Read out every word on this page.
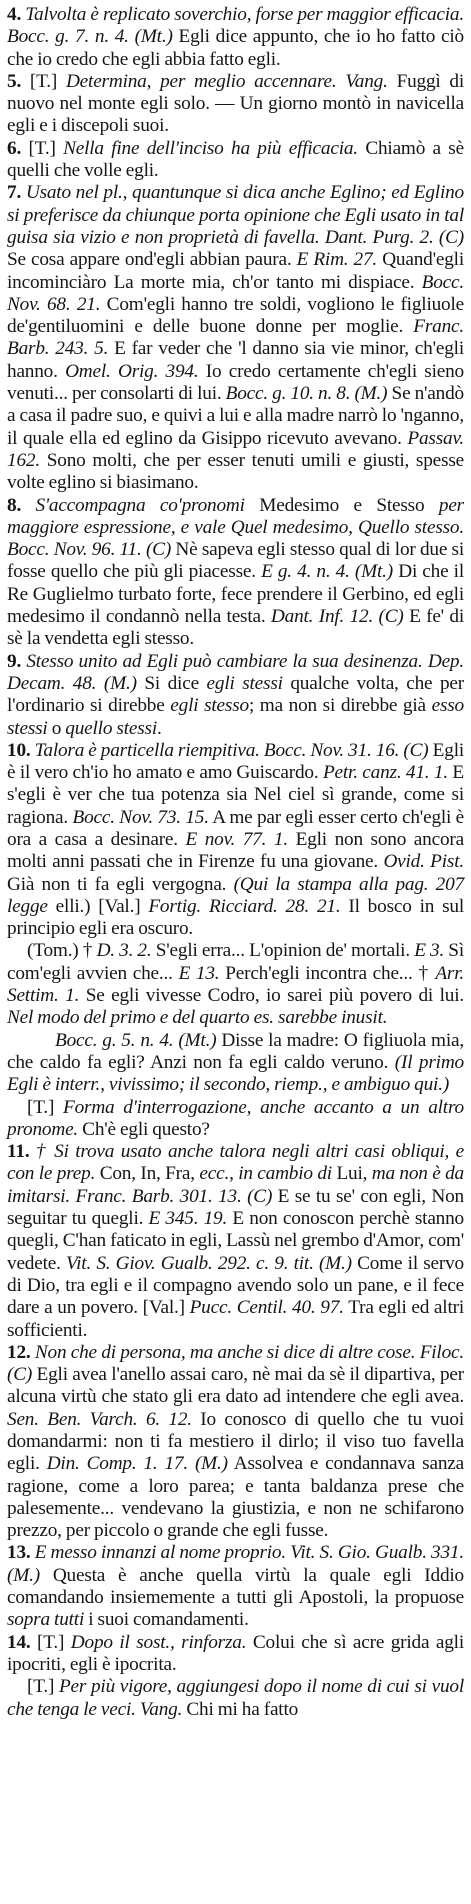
4. Talvolta è replicato soverchio, forse per maggior efficacia. Bocc. g. 7. n. 4. (Mt.) Egli dice appunto, che io ho fatto ciò che io credo che egli abbia fatto egli.

5. [T.] Determina, per meglio accennare. Vang. Fuggì di nuovo nel monte egli solo. — Un giorno montò in navicella egli e i discepoli suoi.

6. [T.] Nella fine dell'inciso ha più efficacia. Chiamò a sè quelli che volle egli.

7. Usato nel pl., quantunque si dica anche Eglino; ed Eglino si preferisce da chiunque porta opinione che Egli usato in tal guisa sia vizio e non proprietà di favella. Dant. Purg. 2. (C) Se cosa appare ond'egli abbian paura. E Rim. 27. Quand'egli incominciàro La morte mia, ch'or tanto mi dispiace. Bocc. Nov. 68. 21. Com'egli hanno tre soldi, vogliono le figliuole de'gentiluomini e delle buone donne per moglie. Franc. Barb. 243. 5. E far veder che 'l danno sia vie minor, ch'egli hanno. Omel. Orig. 394. Io credo certamente ch'egli sieno venuti... per consolarti di lui. Bocc. g. 10. n. 8. (M.) Se n'andò a casa il padre suo, e quivi a lui e alla madre narrò lo 'nganno, il quale ella ed eglino da Gisippo ricevuto avevano. Passav. 162. Sono molti, che per esser tenuti umili e giusti, spesse volte eglino si biasimano.

8. S'accompagna co'pronomi Medesimo e Stesso per maggiore espressione, e vale Quel medesimo, Quello stesso. Bocc. Nov. 96. 11. (C) Nè sapeva egli stesso qual di lor due si fosse quello che più gli piacesse. E g. 4. n. 4. (Mt.) Di che il Re Guglielmo turbato forte, fece prendere il Gerbino, ed egli medesimo il condannò nella testa. Dant. Inf. 12. (C) E fe' di sè la vendetta egli stesso.

9. Stesso unito ad Egli può cambiare la sua desinenza. Dep. Decam. 48. (M.) Si dice egli stessi qualche volta, che per l'ordinario si direbbe egli stesso; ma non si direbbe già esso stessi o quello stessi.

10. Talora è particella riempitiva. Bocc. Nov. 31. 16. (C) Egli è il vero ch'io ho amato e amo Guiscardo. Petr. canz. 41. 1. E s'egli è ver che tua potenza sia Nel ciel sì grande, come si ragiona. Bocc. Nov. 73. 15. A me par egli esser certo ch'egli è ora a casa a desinare. E nov. 77. 1. Egli non sono ancora molti anni passati che in Firenze fu una giovane. Ovid. Pist. Già non ti fa egli vergogna. (Qui la stampa alla pag. 207 legge elli.) [Val.] Fortig. Ricciard. 28. 21. Il bosco in sul principio egli era oscuro.

(Tom.) † D. 3. 2. S'egli erra... L'opinion de' mortali. E 3. Sì com'egli avvien che... E 13. Perch'egli incontra che... † Arr. Settim. 1. Se egli vivesse Codro, io sarei più povero di lui. Nel modo del primo e del quarto es. sarebbe inusit.

Bocc. g. 5. n. 4. (Mt.) Disse la madre: O figliuola mia, che caldo fa egli? Anzi non fa egli caldo veruno. (Il primo Egli è interr., vivissimo; il secondo, riemp., e ambiguo qui.)

[T.] Forma d'interrogazione, anche accanto a un altro pronome. Ch'è egli questo?

11. † Si trova usato anche talora negli altri casi obliqui, e con le prep. Con, In, Fra, ecc., in cambio di Lui, ma non è da imitarsi. Franc. Barb. 301. 13. (C) E se tu se' con egli, Non seguitar tu quegli. E 345. 19. E non conoscon perchè stanno quegli, C'han faticato in egli, Lassù nel grembo d'Amor, com' vedete. Vit. S. Giov. Gualb. 292. c. 9. tit. (M.) Come il servo di Dio, tra egli e il compagno avendo solo un pane, e il fece dare a un povero. [Val.] Pucc. Centil. 40. 97. Tra egli ed altri sofficienti.

12. Non che di persona, ma anche si dice di altre cose. Filoc. (C) Egli avea l'anello assai caro, nè mai da sè il dipartiva, per alcuna virtù che stato gli era dato ad intendere che egli avea. Sen. Ben. Varch. 6. 12. Io conosco di quello che tu vuoi domandarmi: non ti fa mestiero il dirlo; il viso tuo favella egli. Din. Comp. 1. 17. (M.) Assolvea e condannava sanza ragione, come a loro parea; e tanta baldanza prese che palesemente... vendevano la giustizia, e non ne schifarono prezzo, per piccolo o grande che egli fusse.

13. E messo innanzi al nome proprio. Vit. S. Gio. Gualb. 331. (M.) Questa è anche quella virtù la quale egli Iddio comandando insiememente a tutti gli Apostoli, la propuose sopra tutti i suoi comandamenti.

14. [T.] Dopo il sost., rinforza. Colui che sì acre grida agli ipocriti, egli è ipocrita.

[T.] Per più vigore, aggiungesi dopo il nome di cui si vuol che tenga le veci. Vang. Chi mi ha fatto
